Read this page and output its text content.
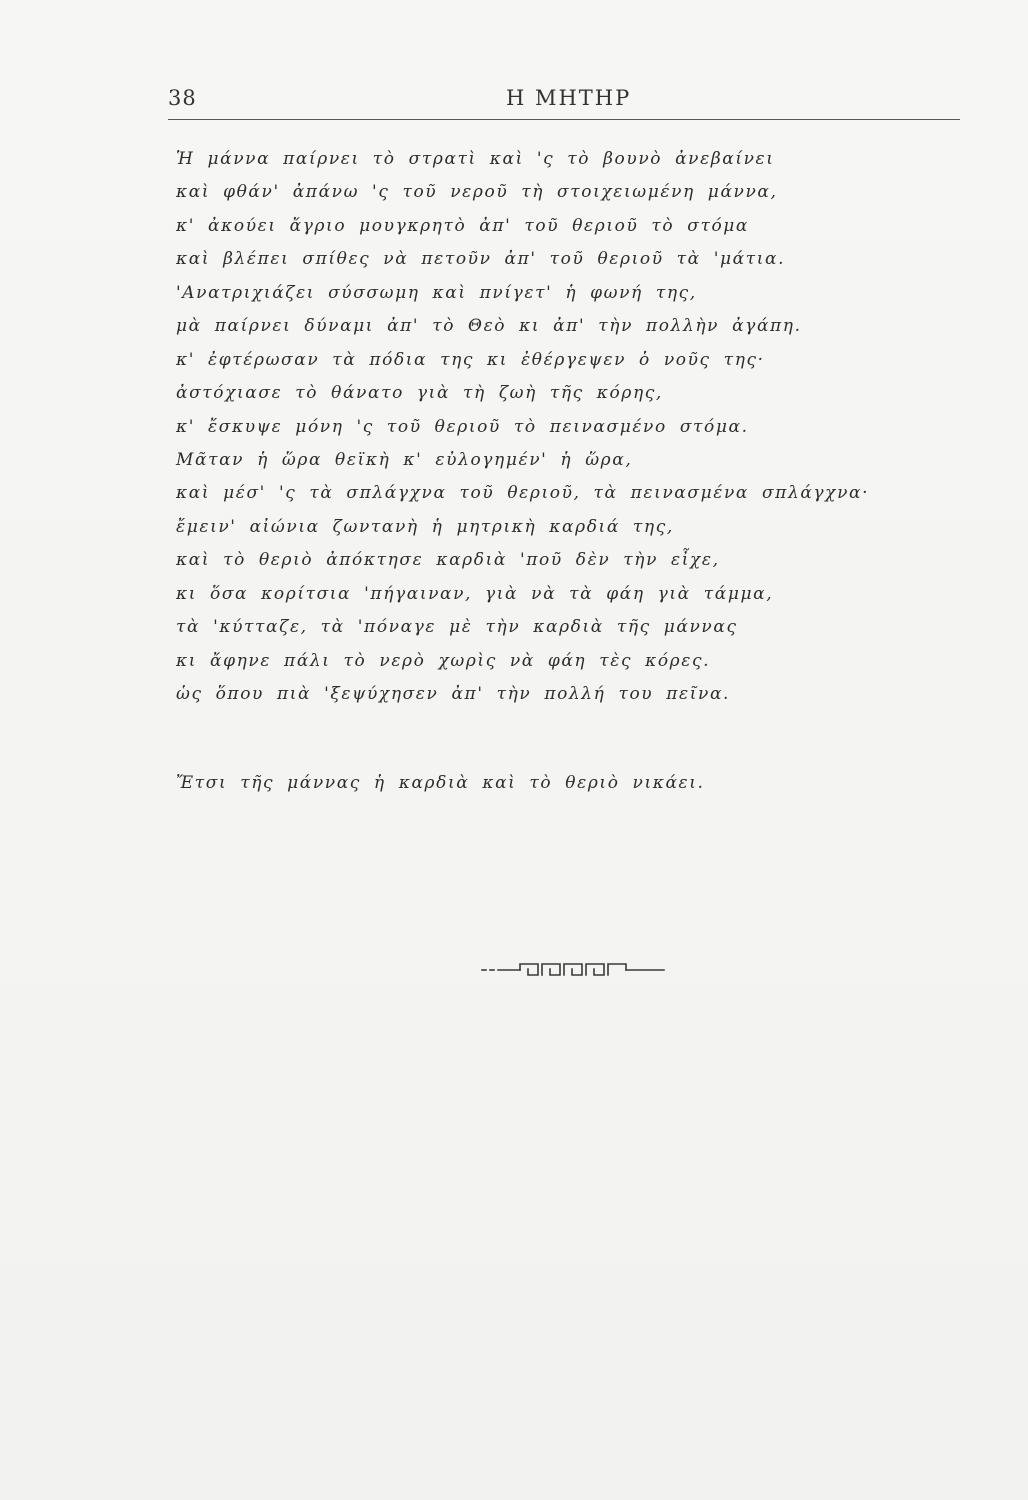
38	Η ΜΗΤΗΡ
Ἡ μάννα παίρνει τὸ στρατὶ καὶ 'ς τὸ βουνὸ ἀνεβαίνει
καὶ φθάν' ἀπάνω 'ς τοῦ νεροῦ τὴ στοιχειωμένη μάννα,
κ' ἀκούει ἄγριο μουγκρητὸ ἀπ' τοῦ θεριοῦ τὸ στόμα
καὶ βλέπει σπίθες νὰ πετοῦν ἀπ' τοῦ θεριοῦ τὰ 'μάτια.
'Ανατριχιάζει σύσσωμη καὶ πνίγετ' ἡ φωνή της,
μὰ παίρνει δύναμι ἀπ' τὸ Θεὸ κι ἀπ' τὴν πολλὴν ἀγάπη.
κ' ἐφτέρωσαν τὰ πόδια της κι ἐθέργεψεν ὁ νοῦς της·
ἀστόχιασε τὸ θάνατο γιὰ τὴ ζωὴ τῆς κόρης,
κ' ἔσκυψε μόνη 'ς τοῦ θεριοῦ τὸ πεινασμένο στόμα.
Μᾶταν ἡ ὥρα θεϊκὴ κ' εὐλογημέν' ἡ ὥρα,
καὶ μέσ' 'ς τὰ σπλάγχνα τοῦ θεριοῦ, τὰ πεινασμένα σπλάγχνα·
ἔμειν' αἰώνια ζωντανὴ ἡ μητρικὴ καρδιά της,
καὶ τὸ θεριὸ ἀπόκτησε καρδιὰ 'ποῦ δὲν τὴν εἶχε,
κι ὅσα κορίτσια 'πήγαιναν, γιὰ νὰ τὰ φάη γιὰ τάμμα,
τὰ 'κύτταζε, τὰ 'πόναγε μὲ τὴν καρδιὰ τῆς μάννας
κι ἄφηνε πάλι τὸ νερὸ χωρὶς νὰ φάη τὲς κόρες.
ὡς ὅπου πιὰ 'ξεψύχησεν ἀπ' τὴν πολλή του πεῖνα.
Ἔτσι τῆς μάννας ἡ καρδιὰ καὶ τὸ θεριὸ νικάει.
